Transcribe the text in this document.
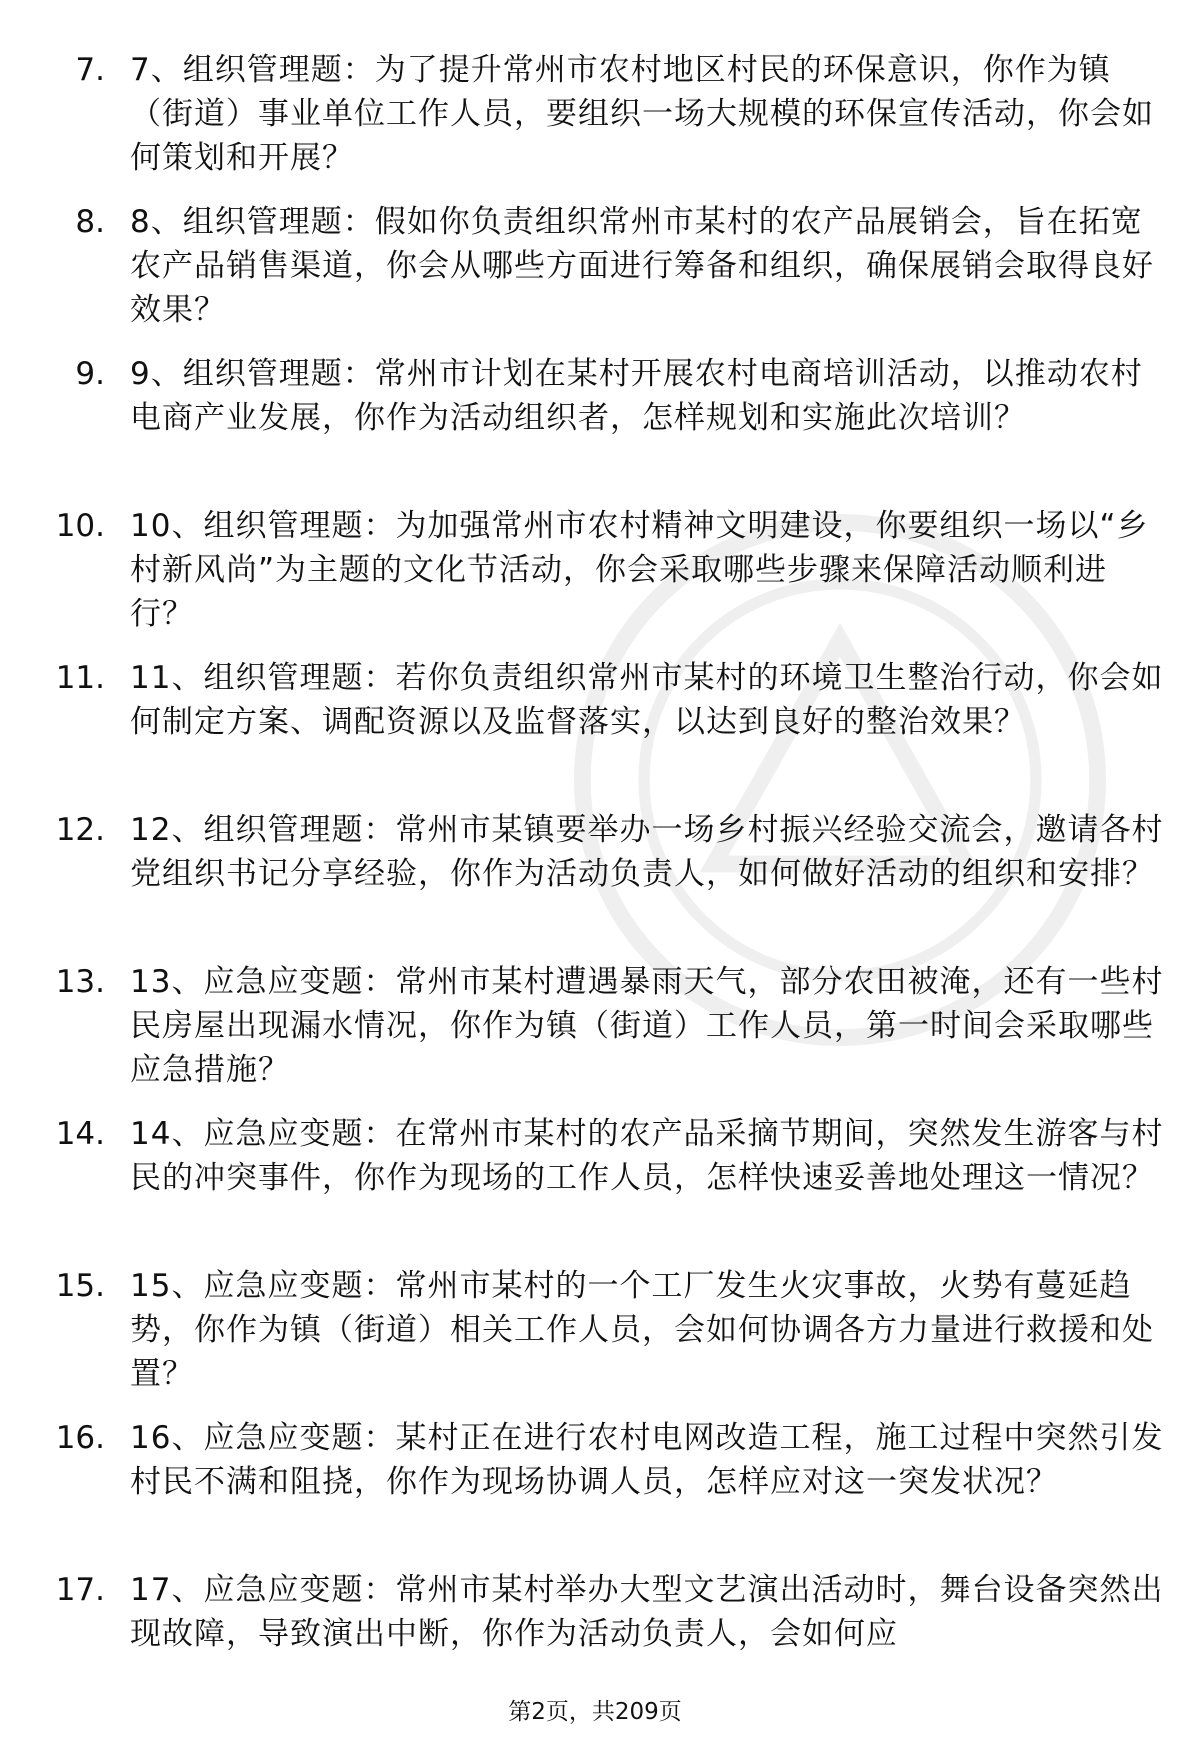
7. 7、组织管理题：为了提升常州市农村地区村民的环保意识，你作为镇（街道）事业单位工作人员，要组织一场大规模的环保宣传活动，你会如何策划和开展？
8. 8、组织管理题：假如你负责组织常州市某村的农产品展销会，旨在拓宽农产品销售渠道，你会从哪些方面进行筹备和组织，确保展销会取得良好效果？
9. 9、组织管理题：常州市计划在某村开展农村电商培训活动，以推动农村电商产业发展，你作为活动组织者，怎样规划和实施此次培训？
10. 10、组织管理题：为加强常州市农村精神文明建设，你要组织一场以“乡村新风尚”为主题的文化节活动，你会采取哪些步骤来保障活动顺利进行？
11. 11、组织管理题：若你负责组织常州市某村的环境卫生整治行动，你会如何制定方案、调配资源以及监督落实，以达到良好的整治效果？
12. 12、组织管理题：常州市某镇要举办一场乡村振兴经验交流会，邀请各村党组织书记分享经验，你作为活动负责人，如何做好活动的组织和安排？
13. 13、应急应变题：常州市某村遭遇暴雨天气，部分农田被淹，还有一些村民房屋出现漏水情况，你作为镇（街道）工作人员，第一时间会采取哪些应急措施？
14. 14、应急应变题：在常州市某村的农产品采摘节期间，突然发生游客与村民的冲突事件，你作为现场的工作人员，怎样快速妥善地处理这一情况？
15. 15、应急应变题：常州市某村的一个工厂发生火灾事故，火势有蔓延趋势，你作为镇（街道）相关工作人员，会如何协调各方力量进行救援和处置？
16. 16、应急应变题：某村正在进行农村电网改造工程，施工过程中突然引发村民不满和阻挠，你作为现场协调人员，怎样应对这一突发状况？
17. 17、应急应变题：常州市某村举办大型文艺演出活动时，舞台设备突然出现故障，导致演出中断，你作为活动负责人，会如何应
第2页，共209页
